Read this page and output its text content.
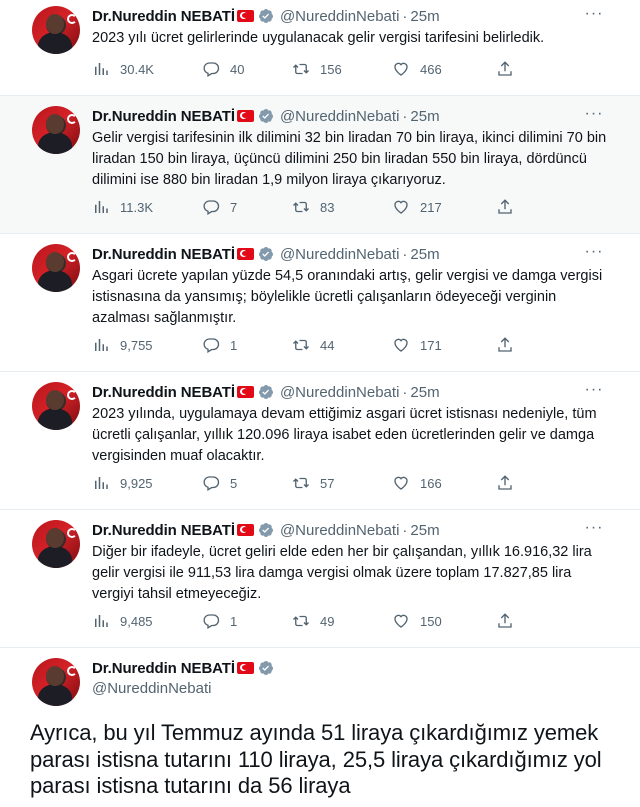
Dr.Nureddin NEBATİ	@NureddinNebati · 25m	···
2023 yılı ücret gelirlerinde uygulanacak gelir vergisi tarifesini belirledik.
30.4K	40	156	466
Dr.Nureddin NEBATİ	@NureddinNebati · 25m	···
Gelir vergisi tarifesinin ilk dilimini 32 bin liradan 70 bin liraya, ikinci dilimini 70 bin liradan 150 bin liraya, üçüncü dilimini 250 bin liradan 550 bin liraya, dördüncü dilimini ise 880 bin liradan 1,9 milyon liraya çıkarıyoruz.
11.3K	7	83	217
Dr.Nureddin NEBATİ	@NureddinNebati · 25m	···
Asgari ücrete yapılan yüzde 54,5 oranındaki artış, gelir vergisi ve damga vergisi istisnasına da yansımış; böylelikle ücretli çalışanların ödeyeceği verginin azalması sağlanmıştır.
9,755	1	44	171
Dr.Nureddin NEBATİ	@NureddinNebati · 25m	···
2023 yılında, uygulamaya devam ettiğimiz asgari ücret istisnası nedeniyle, tüm ücretli çalışanlar, yıllık 120.096 liraya isabet eden ücretlerinden gelir ve damga vergisinden muaf olacaktır.
9,925	5	57	166
Dr.Nureddin NEBATİ	@NureddinNebati · 25m	···
Diğer bir ifadeyle, ücret geliri elde eden her bir çalışandan, yıllık 16.916,32 lira gelir vergisi ile 911,53 lira damga vergisi olmak üzere toplam 17.827,85 lira vergiyi tahsil etmeyeceğiz.
9,485	1	49	150
Dr.Nureddin NEBATİ
@NureddinNebati
Ayrıca, bu yıl Temmuz ayında 51 liraya çıkardığımız yemek parası istisna tutarını 110 liraya, 25,5 liraya çıkardığımız yol parası istisna tutarını da 56 liraya
